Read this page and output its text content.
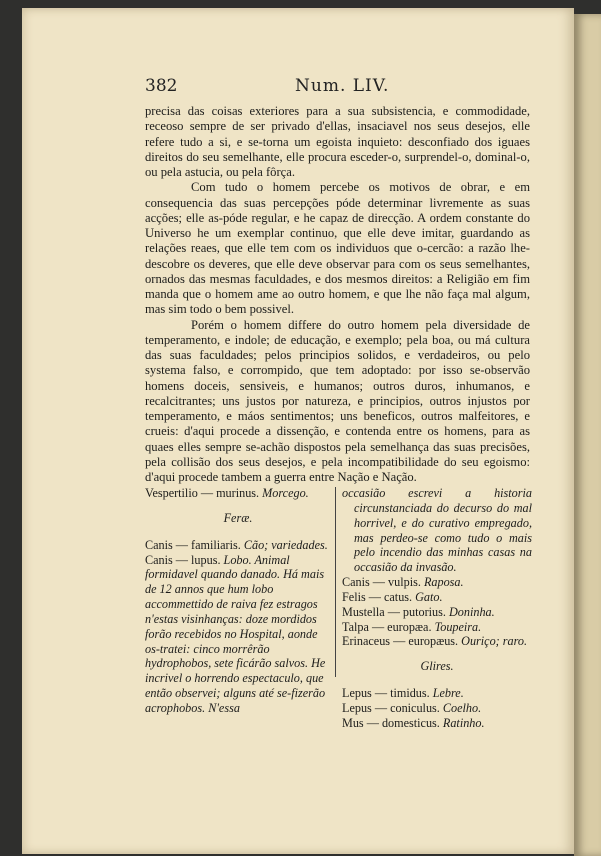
382	Num. LIV.

precisa das coisas exteriores para a sua subsistencia, e commodidade, receoso sempre de ser privado d'ellas, insaciavel nos seus desejos, elle refere tudo a si, e se-torna um egoista inquieto: desconfiado dos iguaes direitos do seu semelhante, elle procura esceder-o, surprendel-o, dominal-o, ou pela astucia, ou pela fôrça.

Com tudo o homem percebe os motivos de obrar, e em consequencia das suas percepções póde determinar livremente as suas acções; elle as-póde regular, e he capaz de direcção. A ordem constante do Universo he um exemplar continuo, que elle deve imitar, guardando as relações reaes, que elle tem com os individuos que o-cercão: a razão lhe-descobre os deveres, que elle deve observar para com os seus semelhantes, ornados das mesmas faculdades, e dos mesmos direitos: a Religião em fim manda que o homem ame ao outro homem, e que lhe não faça mal algum, mas sim todo o bem possivel.

Porém o homem differe do outro homem pela diversidade de temperamento, e indole; de educação, e exemplo; pela boa, ou má cultura das suas faculdades; pelos principios solidos, e verdadeiros, ou pelo systema falso, e corrompido, que tem adoptado: por isso se-observão homens doceis, sensiveis, e humanos; outros duros, inhumanos, e recalcitrantes; uns justos por natureza, e principios, outros injustos por temperamento, e máos sentimentos; uns beneficos, outros malfeitores, e crueis: d'aqui procede a dissenção, e contenda entre os homens, para as quaes elles sempre se-achão dispostos pela semelhança das suas precisões, pela collisão dos seus desejos, e pela incompatibilidade do seu egoismo: d'aqui procede tambem a guerra entre Nação e Nação.

Vespertilio — murinus. Morcego.

Feræ.

Canis — familiaris. Cão; variedades.

Canis — lupus. Lobo. Animal formidavel quando danado. Há mais de 12 annos que hum lobo accommettido de raiva fez estragos n'estas visinhanças: doze mordidos forão recebidos no Hospital, aonde os-tratei: cinco morrêrão hydrophobos, sete ficárão salvos. He incrivel o horrendo espectaculo, que então observei; alguns até se-fizerão acrophobos. N'essa

occasião escrevi a historia circunstanciada do decurso do mal horrivel, e do curativo empregado, mas perdeo-se como tudo o mais pelo incendio das minhas casas na occasião da invasão.

Canis — vulpis. Raposa.

Felis — catus. Gato.

Mustella — putorius. Doninha.

Talpa — europæa. Toupeira.

Erinaceus — europæus. Ouriço; raro.

Glires.

Lepus — timidus. Lebre.

Lepus — coniculus. Coelho.

Mus — domesticus. Ratinho.
